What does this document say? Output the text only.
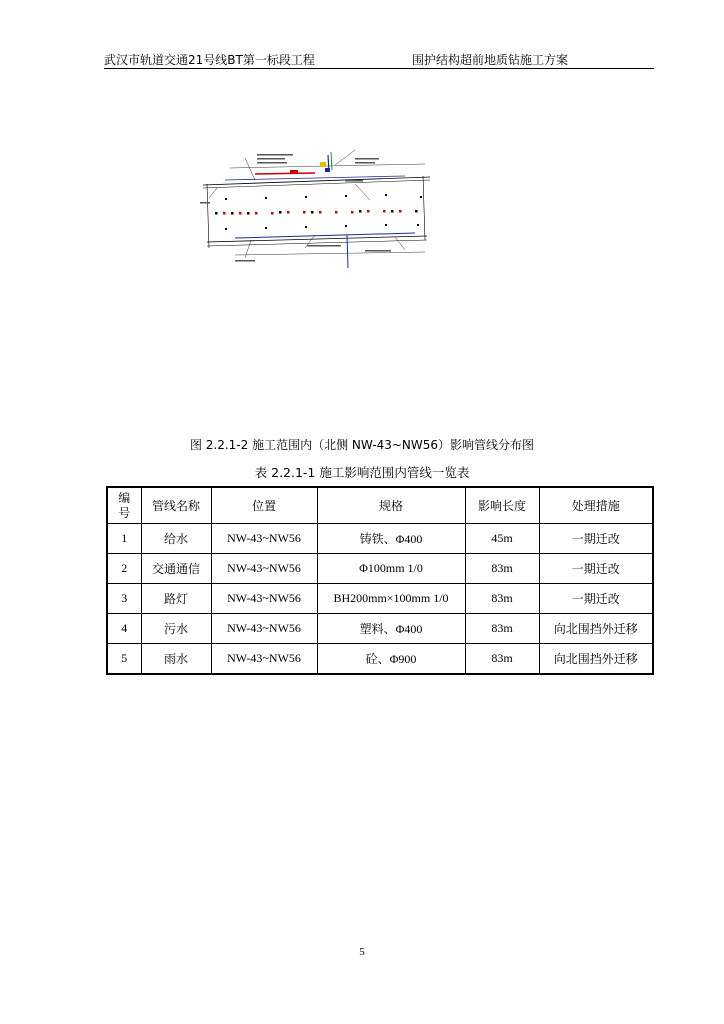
武汉市轨道交通21号线BT第一标段工程	围护结构超前地质钻施工方案
图 2.2.1-2 施工范围内（北侧 NW-43~NW56）影响管线分布图
表 2.2.1-1 施工影响范围内管线一览表
编
号	管线名称	位置	规格	影响长度	处理措施
1	给水	NW-43~NW56	铸铁、Φ400	45m	一期迁改
2	交通通信	NW-43~NW56	Φ100mm 1/0	83m	一期迁改
3	路灯	NW-43~NW56	BH200mm×100mm 1/0	83m	一期迁改
4	污水	NW-43~NW56	塑料、Φ400	83m	向北围挡外迁移
5	雨水	NW-43~NW56	砼、Φ900	83m	向北围挡外迁移
5
